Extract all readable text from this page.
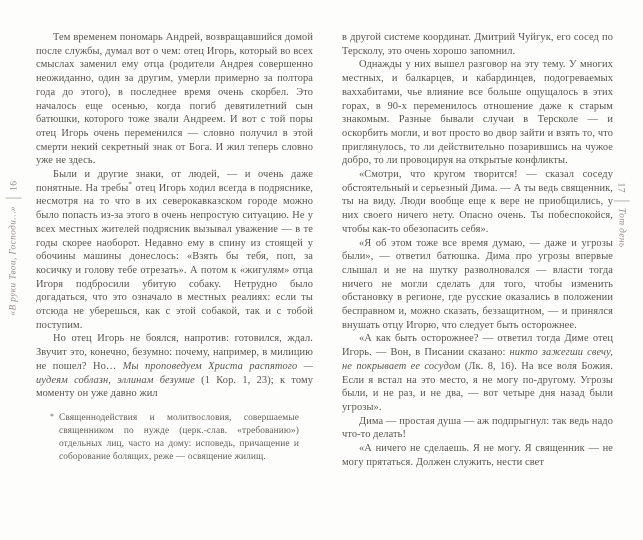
«В руки Твои, Господи…»
16	17
Тот день

Тем временем пономарь Андрей, возвращавшийся домой после службы, думал вот о чем: отец Игорь, который во всех смыслах заменил ему отца (родители Андрея совершенно неожиданно, один за другим, умерли примерно за полтора года до этого), в последнее время очень скорбел. Это началось еще осенью, когда погиб девятилетний сын батюшки, которого тоже звали Андреем. И вот с той поры отец Игорь очень переменился — словно получил в этой смерти некий секретный знак от Бога. И жил теперь словно уже не здесь.

Были и другие знаки, от людей, — и очень даже понятные. На требы* отец Игорь ходил всегда в подряснике, несмотря на то что в их северокавказском городе можно было попасть из-за этого в очень непростую ситуацию. Не у всех местных жителей подрясник вызывал уважение — в те годы скорее наоборот. Недавно ему в спину из стоящей у обочины машины донеслось: «Взять бы тебя, поп, за косичку и голову тебе отрезать». А потом к «жигулям» отца Игоря подбросили убитую собаку. Нетрудно было догадаться, что это означало в местных реалиях: если ты отсюда не уберешься, как с этой собакой, так и с тобой поступим.

Но отец Игорь не боялся, напротив: готовился, ждал. Звучит это, конечно, безумно: почему, например, в милицию не пошел? Но… Мы проповедуем Христа распятого — иудеям соблазн, эллинам безумие (1 Кор. 1, 23); к тому моменту он уже давно жил

* Священнодействия и молитвословия, совершаемые священником по нужде (церк.-слав. «требованию») отдельных лиц, часто на дому: исповедь, причащение и соборование болящих, реже — освящение жилищ.

в другой системе координат. Дмитрий Чуйгук, его сосед по Терсколу, это очень хорошо запомнил.

Однажды у них вышел разговор на эту тему. У многих местных, и балкарцев, и кабардинцев, подогреваемых ваххабитами, чье влияние все больше ощущалось в этих горах, в 90-х переменилось отношение даже к старым знакомым. Разные бывали случаи в Терсколе — и оскорбить могли, и вот просто во двор зайти и взять то, что приглянулось, то ли действительно позарившись на чужое добро, то ли провоцируя на открытые конфликты.

«Смотри, что кругом творится! — сказал соседу обстоятельный и серьезный Дима. — А ты ведь священник, ты на виду. Люди вообще еще к вере не приобщились, у них своего ничего нету. Опасно очень. Ты побеспокойся, чтобы как-то обезопасить себя».

«Я об этом тоже все время думаю, — даже и угрозы были», — ответил батюшка. Дима про угрозы впервые слышал и не на шутку разволновался — власти тогда ничего не могли сделать для того, чтобы изменить обстановку в регионе, где русские оказались в положении бесправном и, можно сказать, беззащитном, — и принялся внушать отцу Игорю, что следует быть осторожнее.

«А как быть осторожнее? — ответил тогда Диме отец Игорь. — Вон, в Писании сказано: никто зажегши свечу, не покрывает ее сосудом (Лк. 8, 16). На все воля Божия. Если я встал на это место, я не могу по-другому. Угрозы были, и не раз, и не два, — вот четыре дня назад были угрозы».

Дима — простая душа — аж подпрыгнул: так ведь надо что-то делать!

«А ничего не сделаешь. Я не могу. Я священник — не могу прятаться. Должен служить, нести свет
